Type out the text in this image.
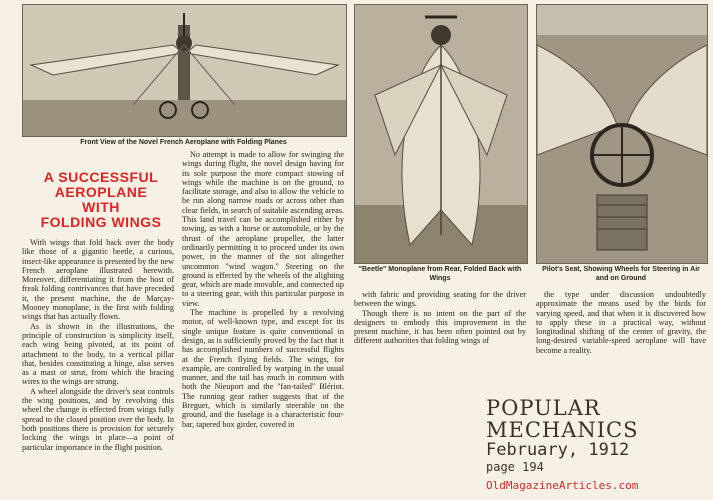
Front View of the Novel French Aeroplane with Folding Planes
"Beetle" Monoplane from Rear, Folded Back with Wings
Pilot's Seat, Showing Wheels for Steering in Air and on Ground
A SUCCESSFUL
AEROPLANE
WITH
FOLDING WINGS

With wings that fold back over the body like those of a gigantic beetle, a curious, insect-like appearance is presented by the new French aeroplane illustrated herewith. Moreover, differentiating it from the host of freak folding contrivances that have preceded it, the present machine, the de Marçay-Mooney monoplane, is the first with folding wings that has actually flown.

As is shown in the illustrations, the principle of construction is simplicity itself, each wing being pivoted, at its point of attachment to the body, to a vertical pillar that, besides constituting a hinge, also serves as a mast or strut, from which the bracing wires to the wings are strung.

A wheel alongside the driver's seat controls the wing positions, and by revolving this wheel the change is effected from wings fully spread to the closed position over the body. In both positions there is provision for securely locking the wings in place—a point of particular importance in the flight position.

No attempt is made to allow for swinging the wings during flight, the novel design having for its sole purpose the more compact stowing of wings while the machine is on the ground, to facilitate storage, and also to allow the vehicle to be run along narrow roads or across other than clear fields, in search of suitable ascending areas. This land travel can be accomplished either by towing, as with a horse or automobile, or by the thrust of the aeroplane propeller, the latter ordinarily permitting it to proceed under its own power, in the manner of the not altogether uncommon "wind wagon." Steering on the ground is effected by the wheels of the alighting gear, which are made movable, and connected up to a steering gear, with this particular purpose in view.

The machine is propelled by a revolving motor, of well-known type, and except for its single unique feature is quite conventional in design, as is sufficiently proved by the fact that it has accomplished numbers of successful flights at the French flying fields. The wings, for example, are controlled by warping in the usual manner, and the tail has much in common with both the Nieuport and the "fan-tailed" Blériot. The running gear rather suggests that of the Breguet, which is similarly steerable on the ground, and the fuselage is a characteristic four-bar, tapered box girder, covered in

with fabric and providing seating for the driver between the wings.

Though there is no intent on the part of the designers to embody this improvement in the present machine, it has been often pointed out by different authorities that folding wings of

the type under discussion undoubtedly approximate the means used by the birds for varying speed, and that when it is discovered how to apply these in a practical way, without longitudinal shifting of the center of gravity, the long-desired variable-speed aeroplane will have become a reality.

POPULAR
MECHANICS
February, 1912
page 194
OldMagazineArticles.com
